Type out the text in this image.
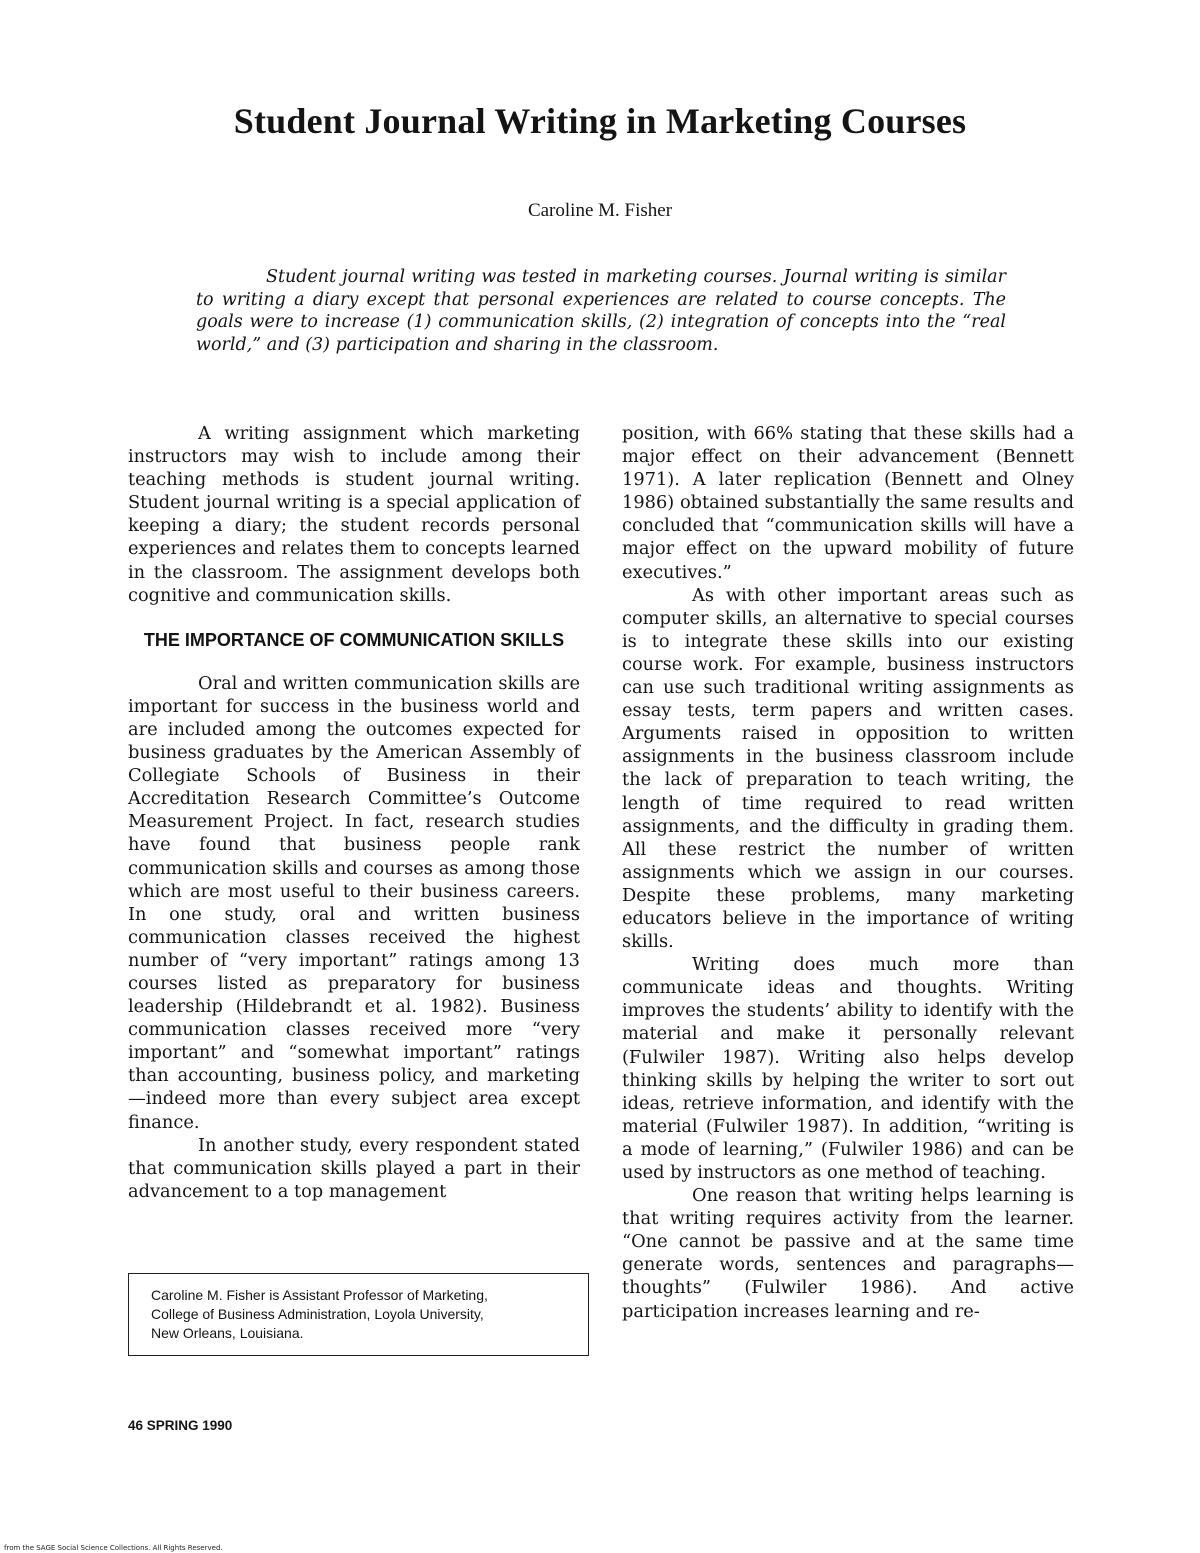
Student Journal Writing in Marketing Courses
Caroline M. Fisher

Student journal writing was tested in marketing courses. Journal writing is similar to writing a diary except that personal experiences are related to course concepts. The goals were to increase (1) communication skills, (2) integration of concepts into the “real world,” and (3) participation and sharing in the classroom.

A writing assignment which marketing instructors may wish to include among their teaching methods is student journal writing. Student journal writing is a special application of keeping a diary; the student records personal experiences and relates them to concepts learned in the classroom. The assignment develops both cognitive and communication skills.

THE IMPORTANCE OF COMMUNICATION SKILLS

Oral and written communication skills are important for success in the business world and are included among the outcomes expected for business graduates by the American Assembly of Collegiate Schools of Business in their Accreditation Research Committee’s Outcome Measurement Project. In fact, research studies have found that business people rank communication skills and courses as among those which are most useful to their business careers. In one study, oral and written business communication classes received the highest number of “very important” ratings among 13 courses listed as preparatory for business leadership (Hildebrandt et al. 1982). Business communication classes received more “very important” and “somewhat important” ratings than accounting, business policy, and marketing—indeed more than every subject area except finance.

In another study, every respondent stated that communication skills played a part in their advancement to a top management

position, with 66% stating that these skills had a major effect on their advancement (Bennett 1971). A later replication (Bennett and Olney 1986) obtained substantially the same results and concluded that “communication skills will have a major effect on the upward mobility of future executives.”

As with other important areas such as computer skills, an alternative to special courses is to integrate these skills into our existing course work. For example, business instructors can use such traditional writing assignments as essay tests, term papers and written cases. Arguments raised in opposition to written assignments in the business classroom include the lack of preparation to teach writing, the length of time required to read written assignments, and the difficulty in grading them. All these restrict the number of written assignments which we assign in our courses. Despite these problems, many marketing educators believe in the importance of writing skills.

Writing does much more than communicate ideas and thoughts. Writing improves the students’ ability to identify with the material and make it personally relevant (Fulwiler 1987). Writing also helps develop thinking skills by helping the writer to sort out ideas, retrieve information, and identify with the material (Fulwiler 1987). In addition, “writing is a mode of learning,” (Fulwiler 1986) and can be used by instructors as one method of teaching.

One reason that writing helps learning is that writing requires activity from the learner. “One cannot be passive and at the same time generate words, sentences and paragraphs—thoughts” (Fulwiler 1986). And active participation increases learning and re-

Caroline M. Fisher is Assistant Professor of Marketing,
College of Business Administration, Loyola University,
New Orleans, Louisiana.
46 SPRING 1990
from the SAGE Social Science Collections. All Rights Reserved.
